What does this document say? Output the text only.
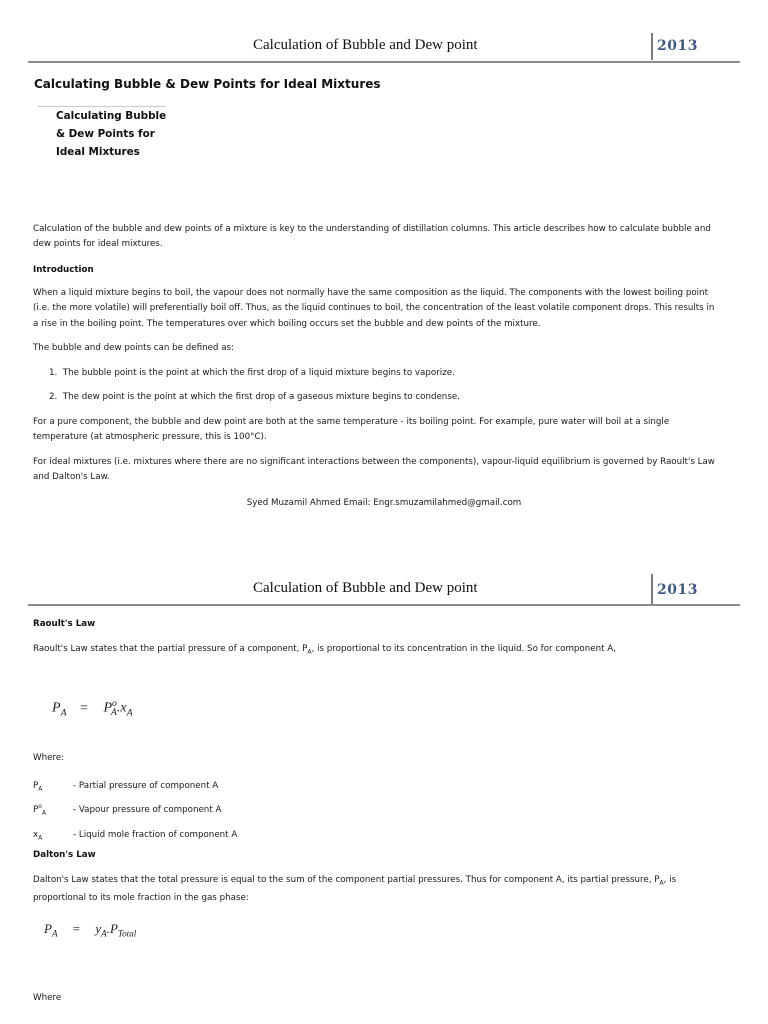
Calculation of Bubble and Dew point	2013
Calculating Bubble & Dew Points for Ideal Mixtures
Calculating Bubble
& Dew Points for
Ideal Mixtures
Calculation of the bubble and dew points of a mixture is key to the understanding of distillation columns. This article describes how to calculate bubble and
dew points for ideal mixtures.
Introduction
When a liquid mixture begins to boil, the vapour does not normally have the same composition as the liquid. The components with the lowest boiling point
(i.e. the more volatile) will preferentially boil off. Thus, as the liquid continues to boil, the concentration of the least volatile component drops. This results in
a rise in the boiling point. The temperatures over which boiling occurs set the bubble and dew points of the mixture.
The bubble and dew points can be defined as:
1. The bubble point is the point at which the first drop of a liquid mixture begins to vaporize.
2. The dew point is the point at which the first drop of a gaseous mixture begins to condense.
For a pure component, the bubble and dew point are both at the same temperature - its boiling point. For example, pure water will boil at a single
temperature (at atmospheric pressure, this is 100°C).
For ideal mixtures (i.e. mixtures where there are no significant interactions between the components), vapour-liquid equilibrium is governed by Raoult's Law
and Dalton's Law.
Syed Muzamil Ahmed Email: Engr.smuzamilahmed@gmail.com
Calculation of Bubble and Dew point	2013
Raoult's Law
Raoult's Law states that the partial pressure of a component, $P_A$, is proportional to its concentration in the liquid. So for component A,
$P_A = P^o_A.x_A$
Where:
$P_A$	- Partial pressure of component A
$P^o_A$	- Vapour pressure of component A
$x_A$	- Liquid mole fraction of component A
Dalton's Law
Dalton's Law states that the total pressure is equal to the sum of the component partial pressures. Thus for component A, its partial pressure, $P_A$, is
proportional to its mole fraction in the gas phase:
$P_A = y_A.P_{Total}$
Where
